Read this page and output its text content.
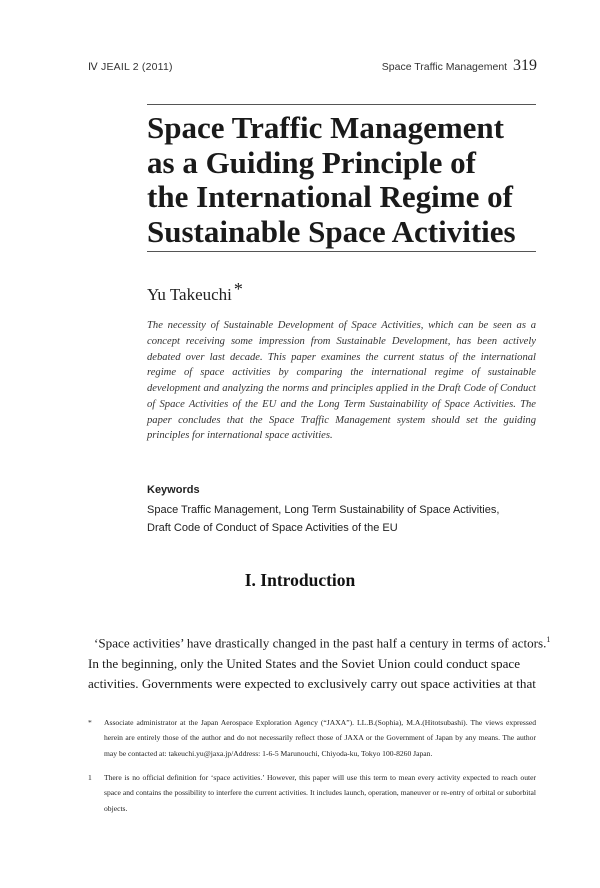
Ⅳ JEAIL 2 (2011)	Space Traffic Management 319
Space Traffic Management
as a Guiding Principle of
the International Regime of
Sustainable Space Activities
Yu Takeuchi *

The necessity of Sustainable Development of Space Activities, which can be seen as a concept receiving some impression from Sustainable Development, has been actively debated over last decade. This paper examines the current status of the international regime of space activities by comparing the international regime of sustainable development and analyzing the norms and principles applied in the Draft Code of Conduct of Space Activities of the EU and the Long Term Sustainability of Space Activities. The paper concludes that the Space Traffic Management system should set the guiding principles for international space activities.

Keywords

Space Traffic Management, Long Term Sustainability of Space Activities,
Draft Code of Conduct of Space Activities of the EU

I. Introduction

‘Space activities’ have drastically changed in the past half a century in terms of actors.$^1$
In the beginning, only the United States and the Soviet Union could conduct space
activities. Governments were expected to exclusively carry out space activities at that

* Associate administrator at the Japan Aerospace Exploration Agency (“JAXA”). LL.B.(Sophia), M.A.(Hitotsubashi). The views expressed herein are entirely those of the author and do not necessarily reflect those of JAXA or the Government of Japan by any means. The author may be contacted at: takeuchi.yu@jaxa.jp/Address: 1-6-5 Marunouchi, Chiyoda-ku, Tokyo 100-8260 Japan.
1 There is no official definition for ‘space activities.’ However, this paper will use this term to mean every activity expected to reach outer space and contains the possibility to interfere the current activities. It includes launch, operation, maneuver or re-entry of orbital or suborbital objects.
